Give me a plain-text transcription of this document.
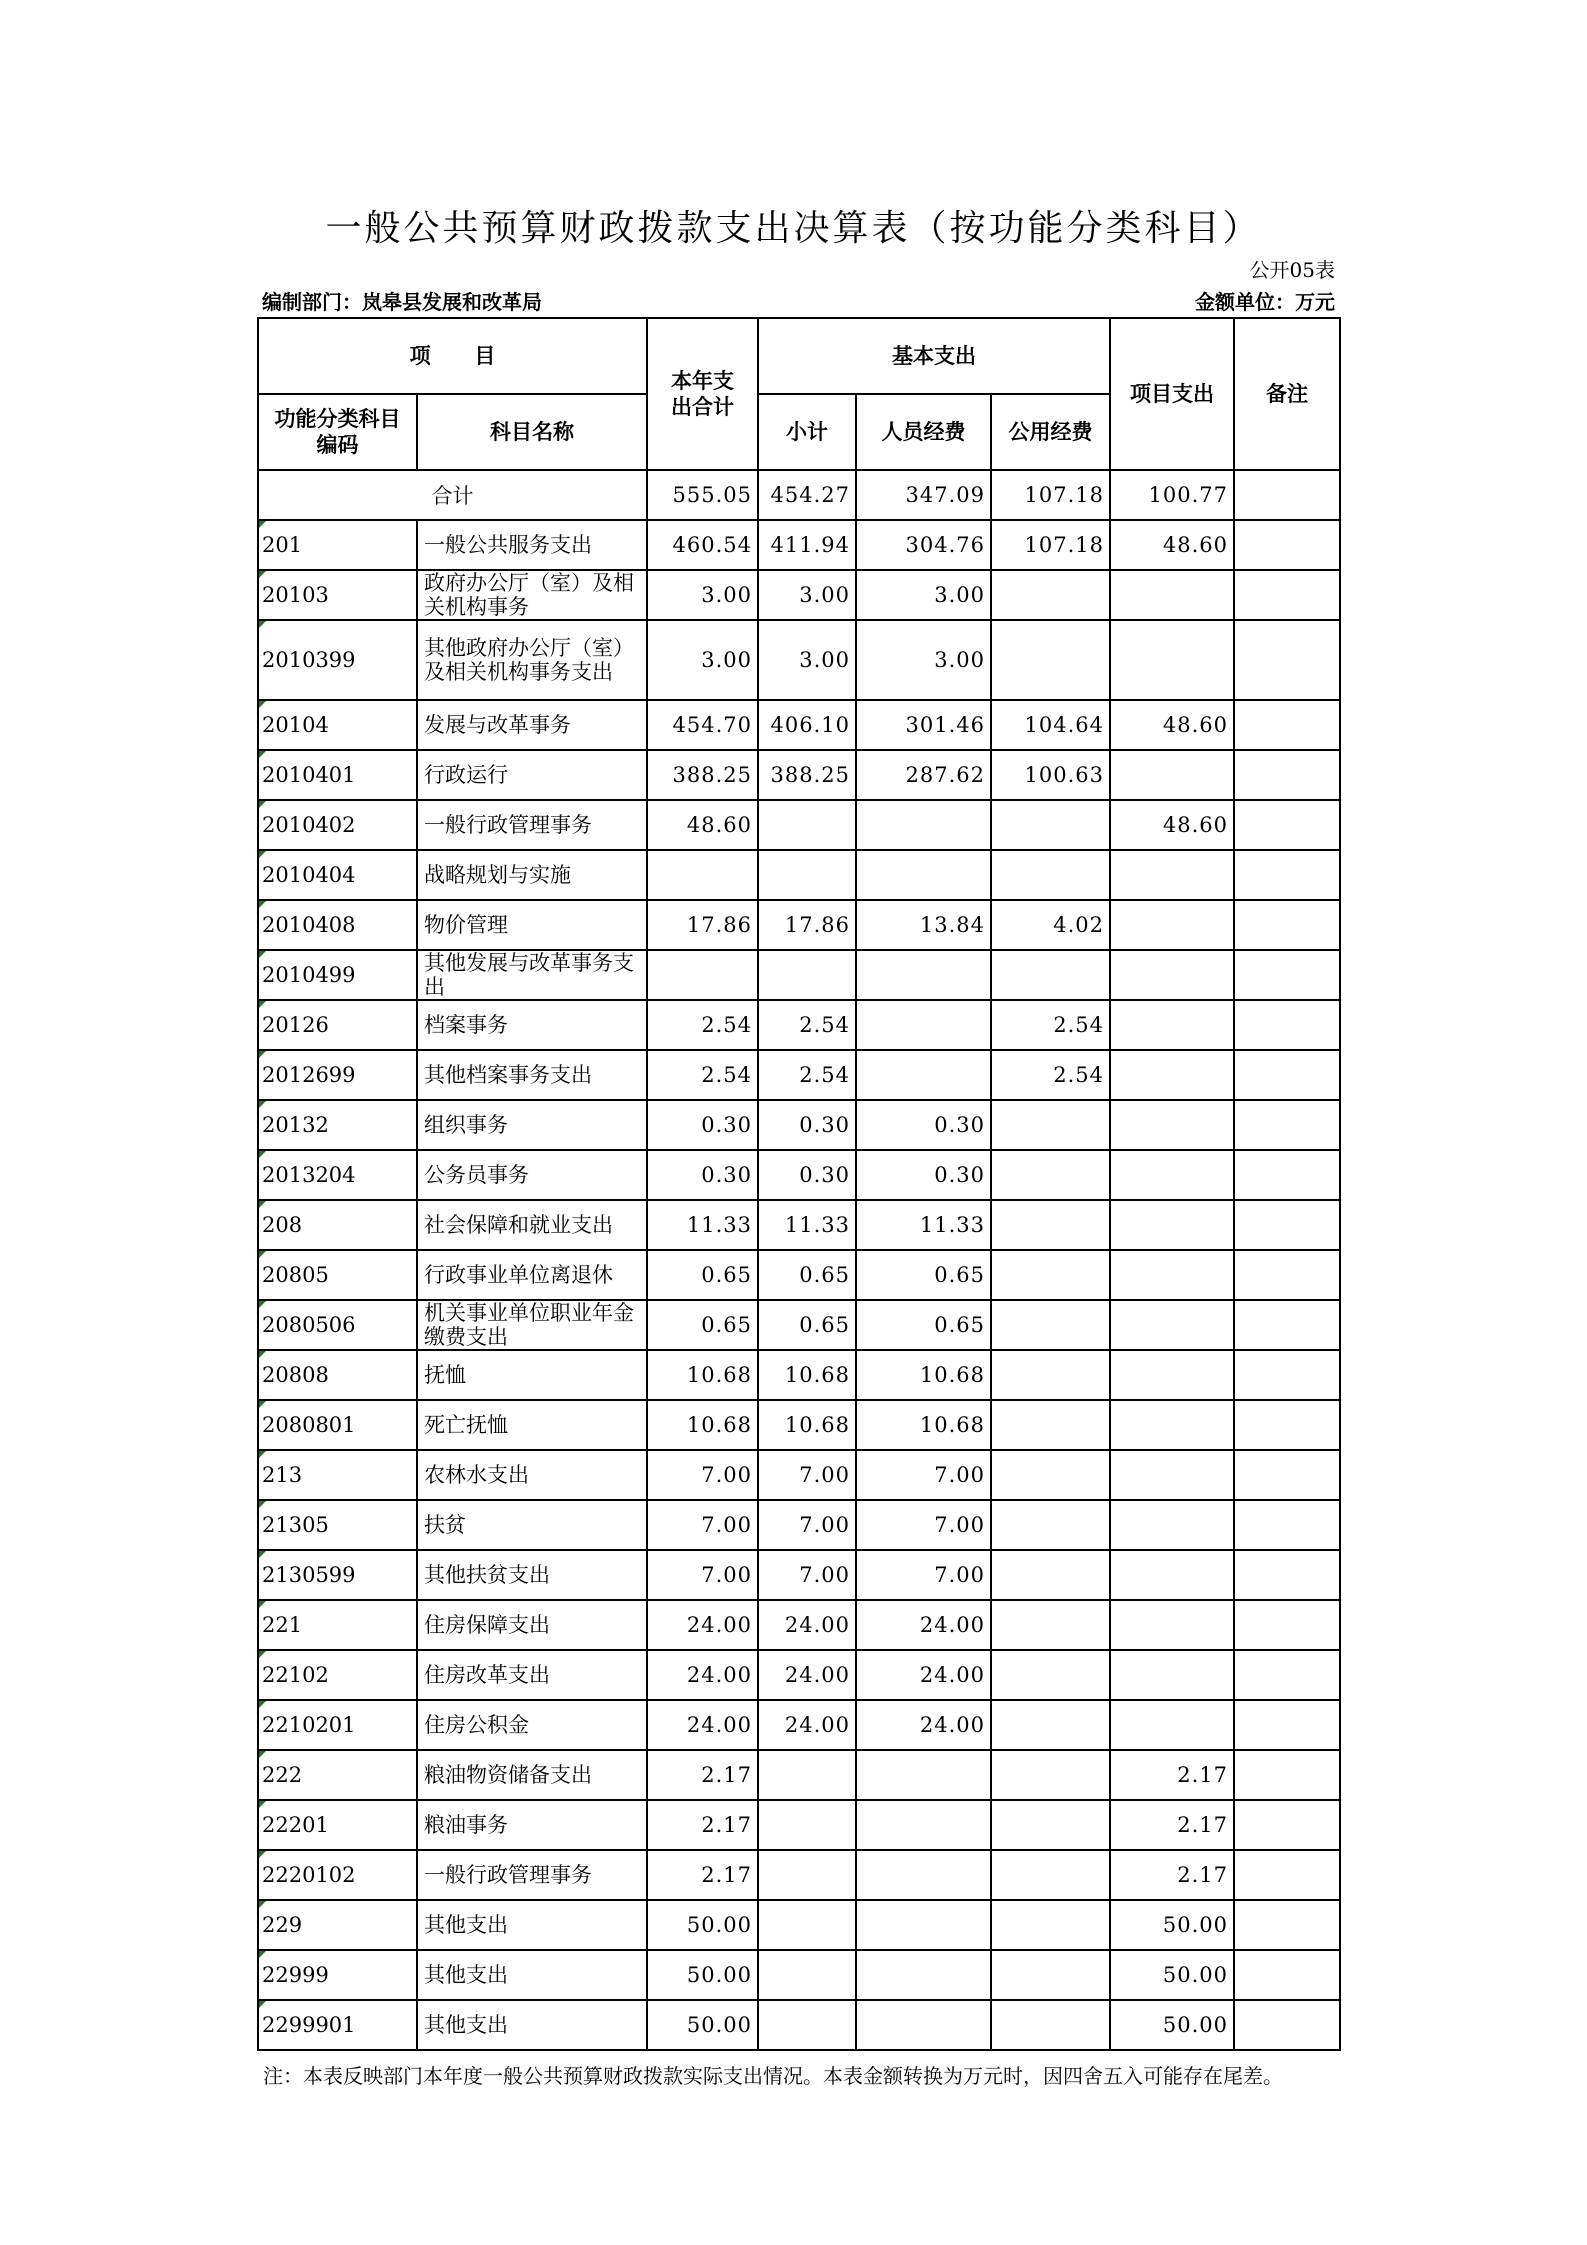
一般公共预算财政拨款支出决算表（按功能分类科目）
公开05表
编制部门：岚皋县发展和改革局	金额单位：万元
项      目		本年支出合计	基本支出			项目支出	备注
功能分类科目编码	科目名称		小计	人员经费	公用经费		
合计		555.05	454.27	347.09	107.18	100.77	
201	一般公共服务支出	460.54	411.94	304.76	107.18	48.60	
20103	政府办公厅（室）及相关机构事务	3.00	3.00	3.00			
2010399	其他政府办公厅（室）及相关机构事务支出	3.00	3.00	3.00			
20104	发展与改革事务	454.70	406.10	301.46	104.64	48.60	
2010401	行政运行	388.25	388.25	287.62	100.63		
2010402	一般行政管理事务	48.60				48.60	
2010404	战略规划与实施						
2010408	物价管理	17.86	17.86	13.84	4.02		
2010499	其他发展与改革事务支出						
20126	档案事务	2.54	2.54		2.54		
2012699	其他档案事务支出	2.54	2.54		2.54		
20132	组织事务	0.30	0.30	0.30			
2013204	公务员事务	0.30	0.30	0.30			
208	社会保障和就业支出	11.33	11.33	11.33			
20805	行政事业单位离退休	0.65	0.65	0.65			
2080506	机关事业单位职业年金缴费支出	0.65	0.65	0.65			
20808	抚恤	10.68	10.68	10.68			
2080801	死亡抚恤	10.68	10.68	10.68			
213	农林水支出	7.00	7.00	7.00			
21305	扶贫	7.00	7.00	7.00			
2130599	其他扶贫支出	7.00	7.00	7.00			
221	住房保障支出	24.00	24.00	24.00			
22102	住房改革支出	24.00	24.00	24.00			
2210201	住房公积金	24.00	24.00	24.00			
222	粮油物资储备支出	2.17				2.17	
22201	粮油事务	2.17				2.17	
2220102	一般行政管理事务	2.17				2.17	
229	其他支出	50.00				50.00	
22999	其他支出	50.00				50.00	
2299901	其他支出	50.00				50.00	
注：本表反映部门本年度一般公共预算财政拨款实际支出情况。本表金额转换为万元时，因四舍五入可能存在尾差。
